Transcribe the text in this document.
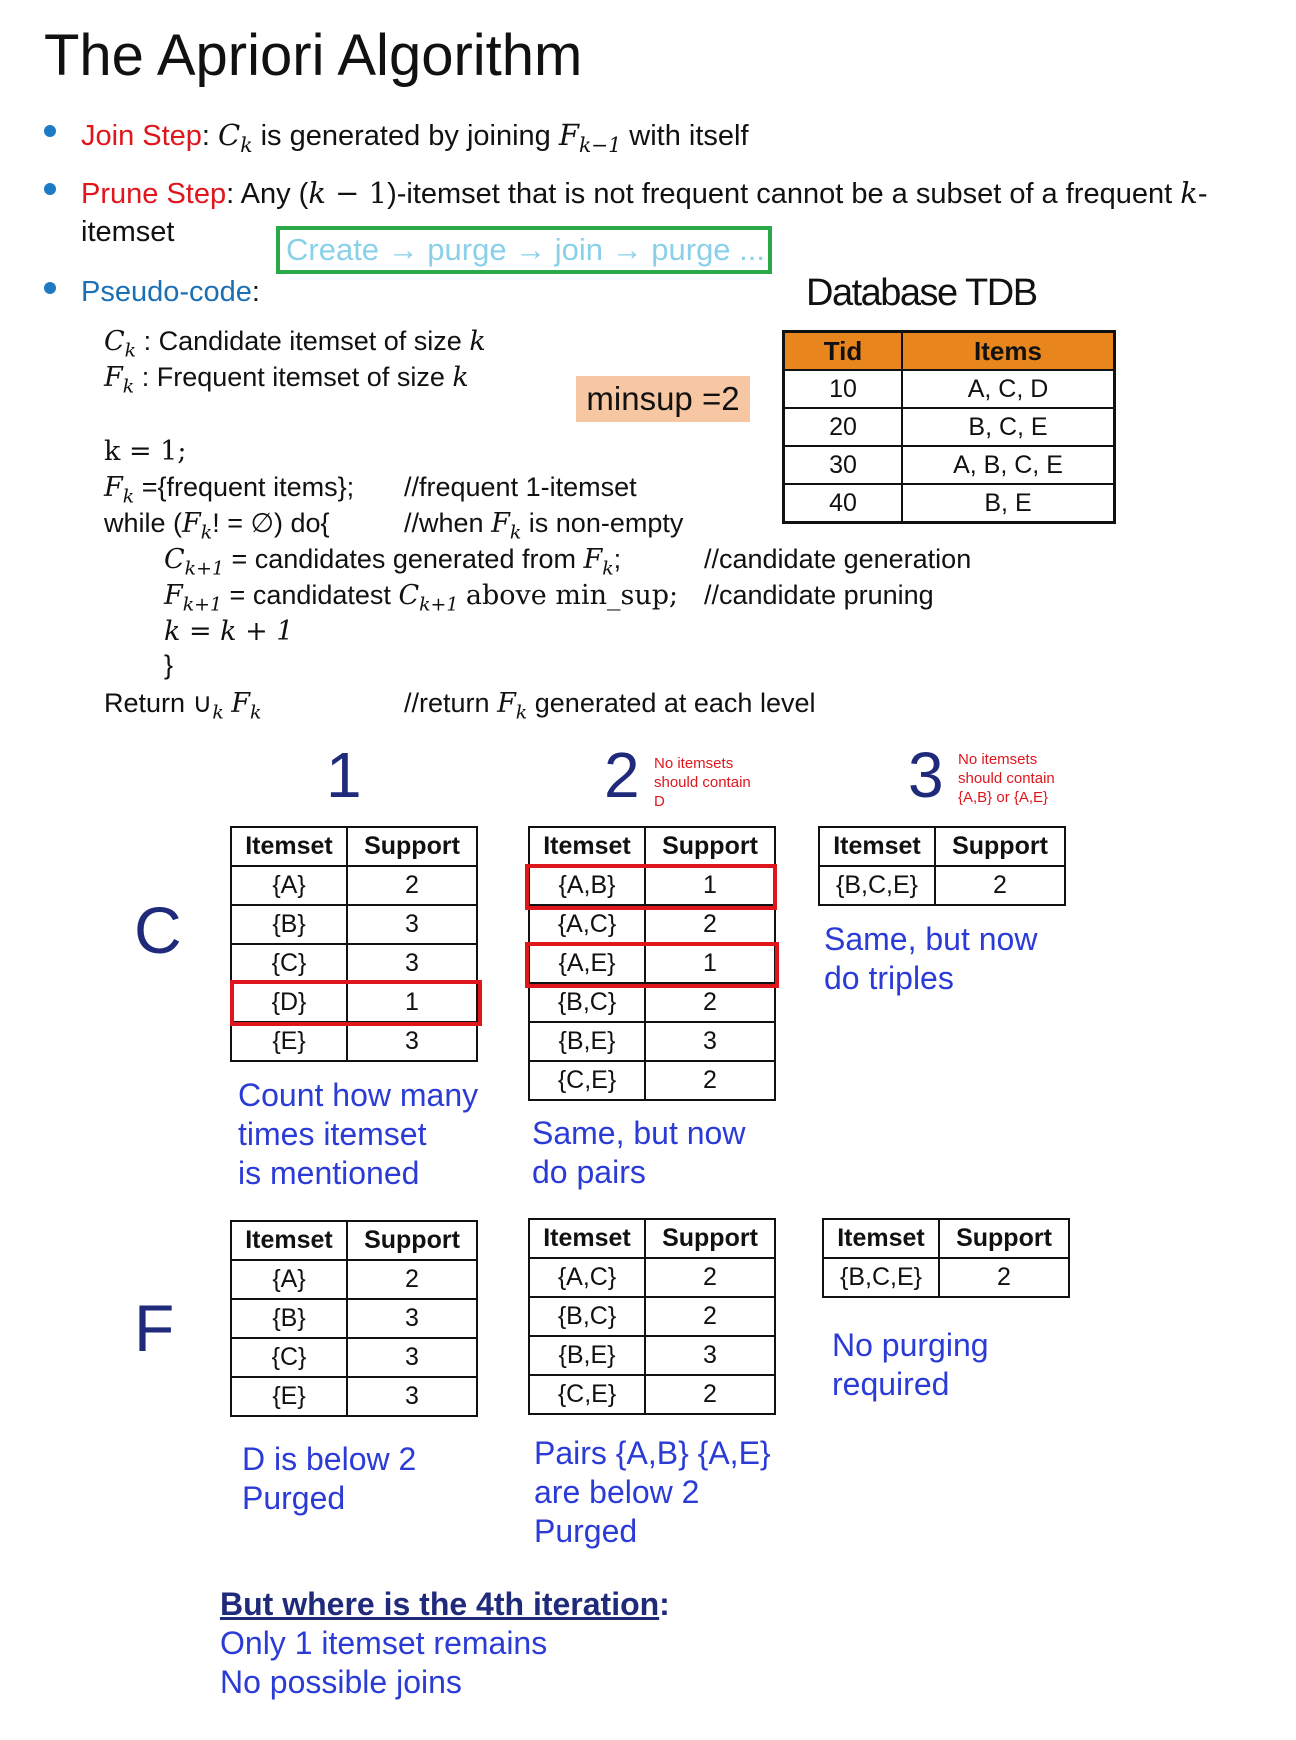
The Apriori Algorithm
Join Step: $C_k$ is generated by joining $F_{k-1}$ with itself
Prune Step: Any (k − 1)-itemset that is not frequent cannot be a subset of a frequent k-
itemset	Create → purge → join → purge ...
Pseudo-code:
$C_k$ : Candidate itemset of size k
$F_k$ : Frequent itemset of size k
minsup =2
k = 1;
$F_k$ ={frequent items}; //frequent 1-itemset
while ($F_k$! = ∅) do{	//when $F_k$ is non-empty
$C_{k+1}$ = candidates generated from $F_k$;	//candidate generation
$F_{k+1}$ = candidatest $C_{k+1}$ above min_sup; //candidate pruning
k = k + 1
}
Return $\cup_k$ $F_k$	//return $F_k$ generated at each level
Database TDB
Tid	Items
10	A, C, D
20	B, C, E
30	A, B, C, E
40	B, E
1	2 No itemsets
should contain
D	3 No itemsets
should contain
{A,B} or {A,E}
C
F
Itemset	Support
{A}	2
{B}	3
{C}	3
{D}	1
{E}	3
Itemset	Support
{A,B}	1
{A,C}	2
{A,E}	1
{B,C}	2
{B,E}	3
{C,E}	2
Itemset	Support
{B,C,E}	2
Itemset	Support
{A}	2
{B}	3
{C}	3
{E}	3
Itemset	Support
{A,C}	2
{B,C}	2
{B,E}	3
{C,E}	2
Itemset	Support
{B,C,E}	2
Count how many
times itemset
is mentioned
Same, but now
do pairs
Same, but now
do triples
D is below 2
Purged
Pairs {A,B} {A,E}
are below 2
Purged
No purging
required
But where is the 4th iteration:
Only 1 itemset remains
No possible joins
